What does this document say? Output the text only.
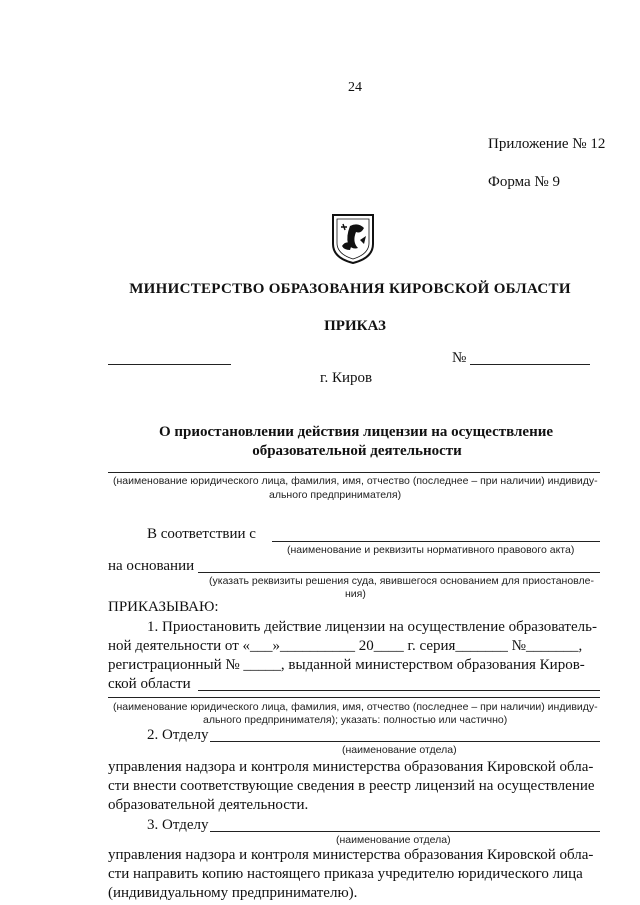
24
Приложение № 12
Форма № 9
МИНИСТЕРСТВО ОБРАЗОВАНИЯ КИРОВСКОЙ ОБЛАСТИ
ПРИКАЗ
№
г. Киров
О приостановлении действия лицензии на осуществление
образовательной деятельности
(наименование юридического лица, фамилия, имя, отчество (последнее – при наличии) индивиду-
ального предпринимателя)
В соответствии с
(наименование и реквизиты нормативного правового акта)
на основании
(указать реквизиты решения суда, явившегося основанием для приостановле-
ния)
ПРИКАЗЫВАЮ:
1. Приостановить действие лицензии на осуществление образователь-
ной деятельности от «___»__________ 20____ г. серия_______ №_______,
регистрационный № _____, выданной министерством образования Киров-
ской области
(наименование юридического лица, фамилия, имя, отчество (последнее – при наличии) индивиду-
ального предпринимателя); указать: полностью или частично)
2. Отделу
(наименование отдела)
управления надзора и контроля министерства образования Кировской обла-
сти внести соответствующие сведения в реестр лицензий на осуществление
образовательной деятельности.
3. Отделу
(наименование отдела)
управления надзора и контроля министерства образования Кировской обла-
сти направить копию настоящего приказа учредителю юридического лица
(индивидуальному предпринимателю).
